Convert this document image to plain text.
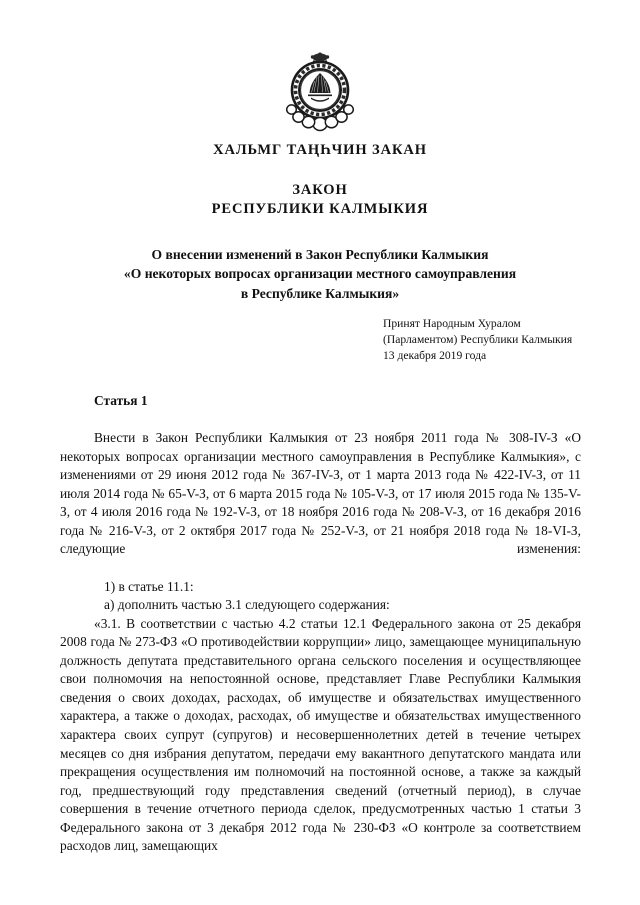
ХАЛЬМГ ТАҢҺЧИН ЗАКАН

ЗАКОН

РЕСПУБЛИКИ КАЛМЫКИЯ

О внесении изменений в Закон Республики Калмыкия

«О некоторых вопросах организации местного самоуправления

в Республике Калмыкия»

Принят Народным Хуралом
(Парламентом) Республики Калмыкия
13 декабря 2019 года
Статья 1

Внести в Закон Республики Калмыкия от 23 ноября 2011 года № 308-IV-З «О некоторых вопросах организации местного самоуправления в Республике Калмыкия», с изменениями от 29 июня 2012 года № 367-IV-З, от 1 марта 2013 года № 422-IV-З, от 11 июля 2014 года № 65-V-З, от 6 марта 2015 года № 105-V-З, от 17 июля 2015 года № 135-V-З, от 4 июля 2016 года № 192-V-З, от 18 ноября 2016 года № 208-V-З, от 16 декабря 2016 года № 216-V-З, от 2 октября 2017 года № 252-V-З, от 21 ноября 2018 года № 18-VI-З, следующие изменения:

1) в статье 11.1:

а) дополнить частью 3.1 следующего содержания:

«3.1. В соответствии с частью 4.2 статьи 12.1 Федерального закона от 25 декабря 2008 года № 273-ФЗ «О противодействии коррупции» лицо, замещающее муниципальную должность депутата представительного органа сельского поселения и осуществляющее свои полномочия на непостоянной основе, представляет Главе Республики Калмыкия сведения о своих доходах, расходах, об имуществе и обязательствах имущественного характера, а также о доходах, расходах, об имуществе и обязательствах имущественного характера своих супрут (супругов) и несовершеннолетних детей в течение четырех месяцев со дня избрания депутатом, передачи ему вакантного депутатского мандата или прекращения осуществления им полномочий на постоянной основе, а также за каждый год, предшествующий году представления сведений (отчетный период), в случае совершения в течение отчетного периода сделок, предусмотренных частью 1 статьи 3 Федерального закона от 3 декабря 2012 года № 230-ФЗ «О контроле за соответствием расходов лиц, замещающих
